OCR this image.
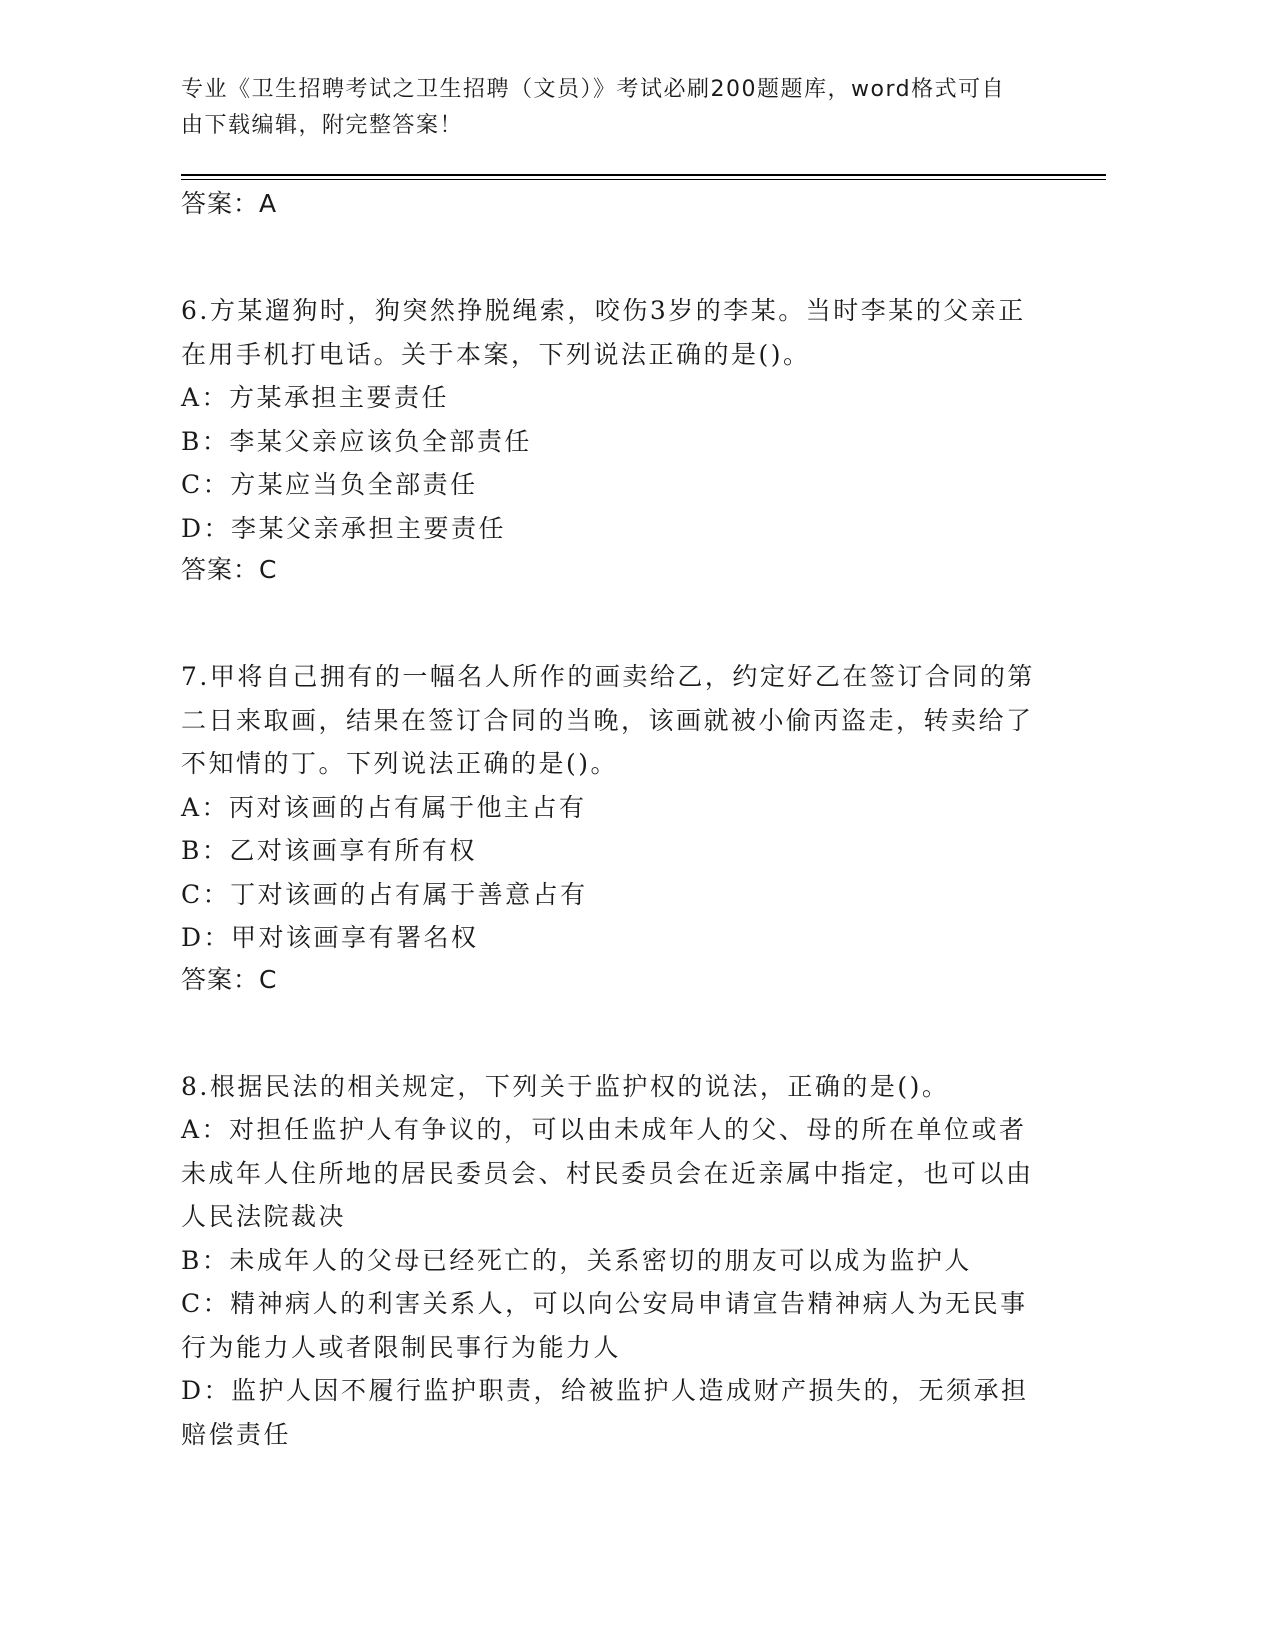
专业《卫生招聘考试之卫生招聘（文员）》考试必刷200题题库，word格式可自
由下载编辑，附完整答案！

答案：A

6.方某遛狗时，狗突然挣脱绳索，咬伤3岁的李某。当时李某的父亲正在用手机打电话。关于本案，下列说法正确的是()。

A：方某承担主要责任

B：李某父亲应该负全部责任

C：方某应当负全部责任

D：李某父亲承担主要责任

答案：C

7.甲将自己拥有的一幅名人所作的画卖给乙，约定好乙在签订合同的第二日来取画，结果在签订合同的当晚，该画就被小偷丙盗走，转卖给了不知情的丁。下列说法正确的是()。

A：丙对该画的占有属于他主占有

B：乙对该画享有所有权

C：丁对该画的占有属于善意占有

D：甲对该画享有署名权

答案：C

8.根据民法的相关规定，下列关于监护权的说法，正确的是()。

A：对担任监护人有争议的，可以由未成年人的父、母的所在单位或者未成年人住所地的居民委员会、村民委员会在近亲属中指定，也可以由人民法院裁决

B：未成年人的父母已经死亡的，关系密切的朋友可以成为监护人

C：精神病人的利害关系人，可以向公安局申请宣告精神病人为无民事行为能力人或者限制民事行为能力人

D：监护人因不履行监护职责，给被监护人造成财产损失的，无须承担赔偿责任
